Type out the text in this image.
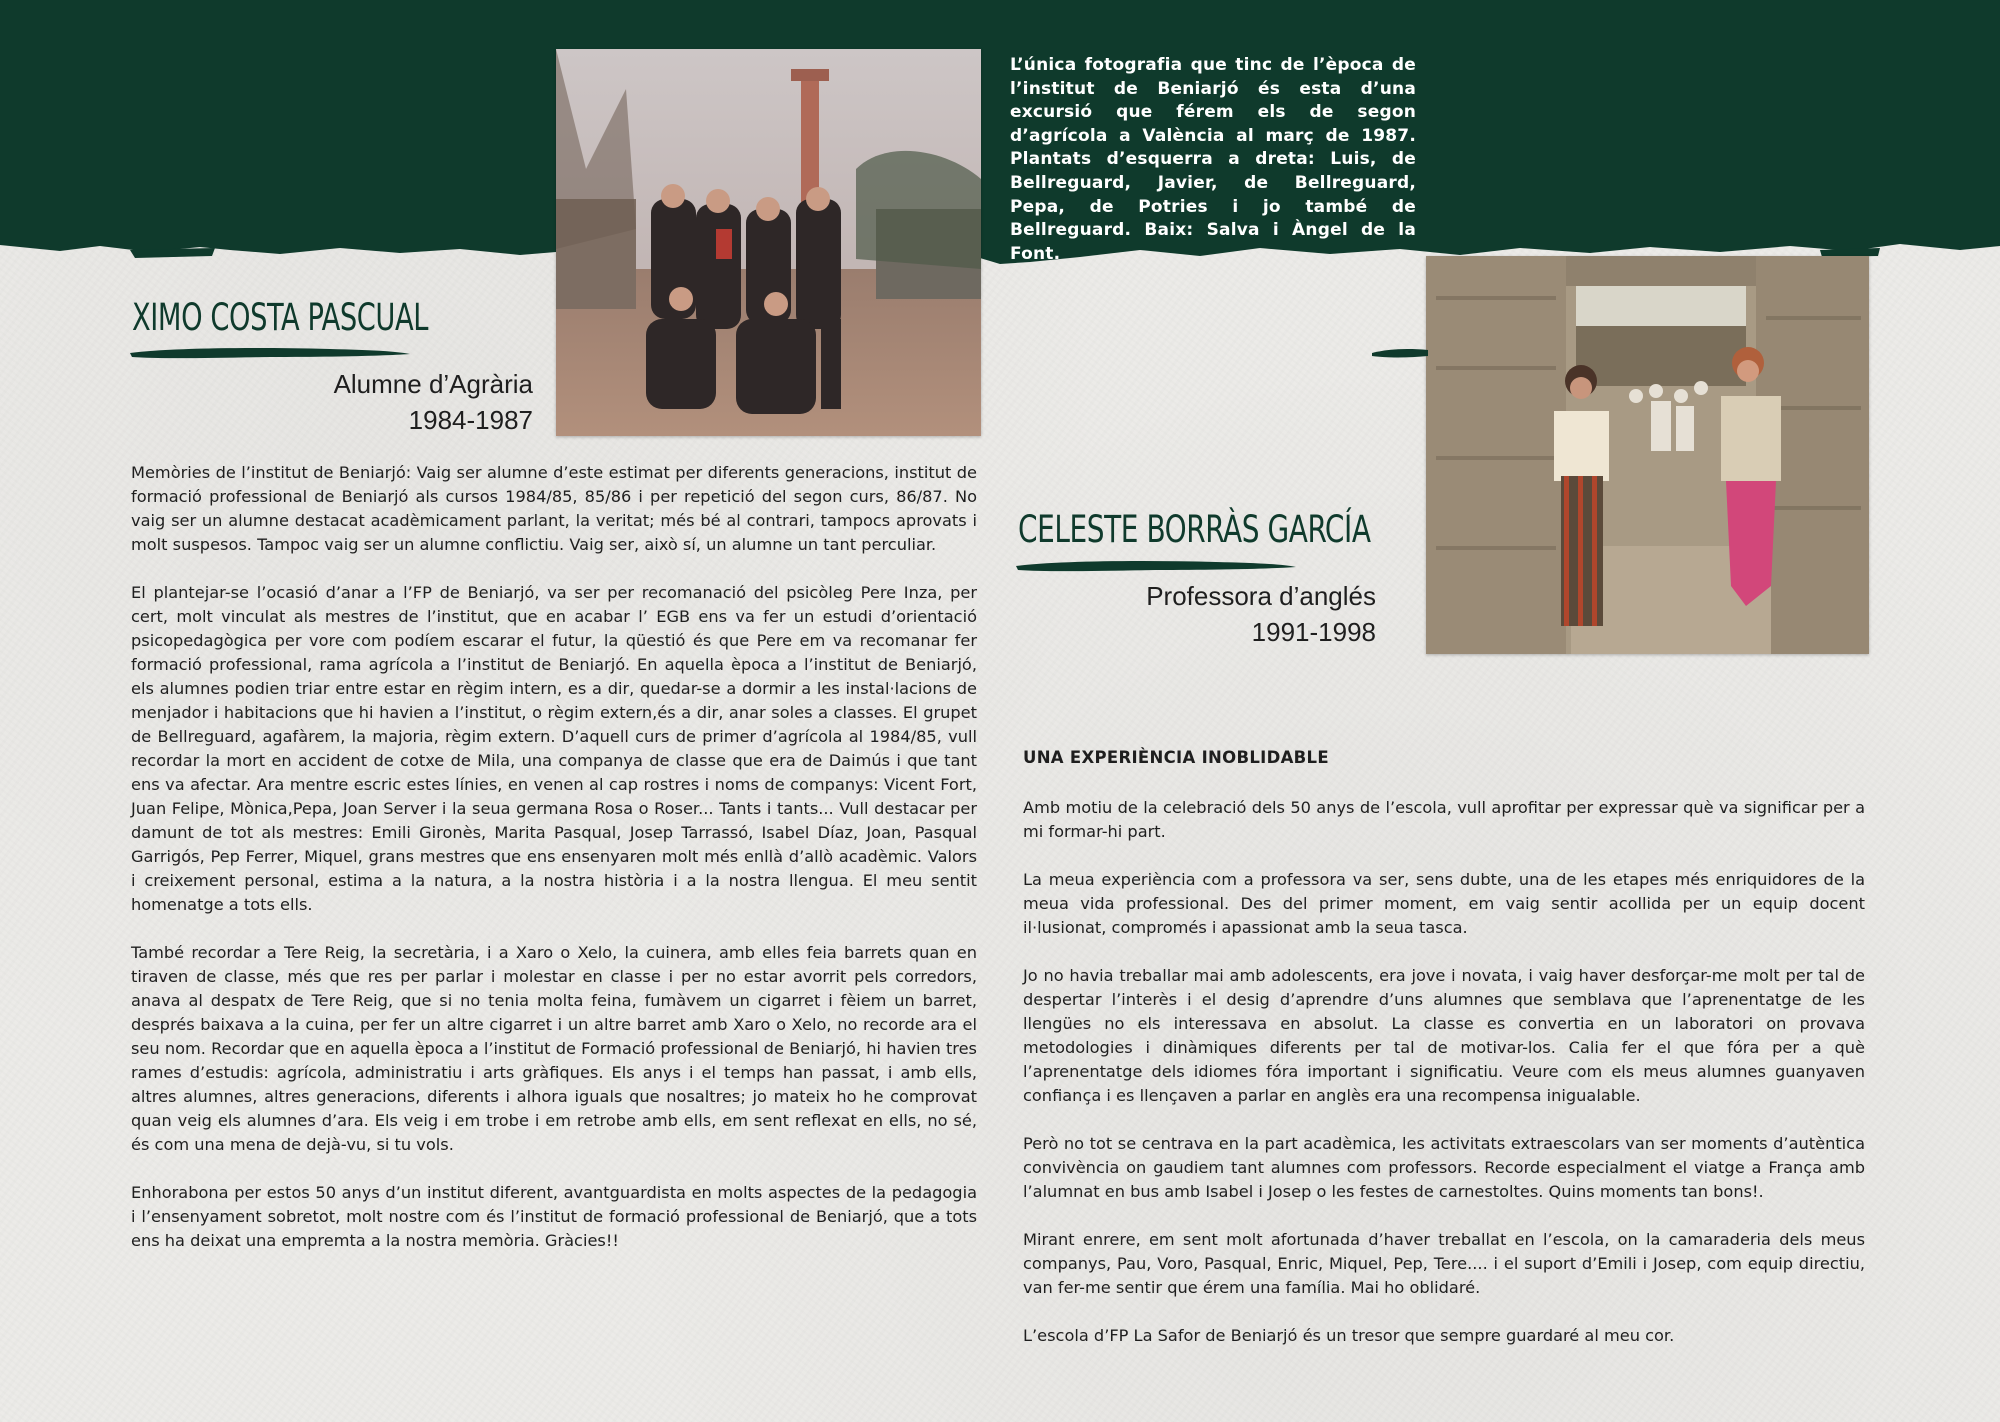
L’única fotografia que tinc de l’època de l’institut de Beniarjó és esta d’una excursió que férem els de segon d’agrícola a València al març de 1987. Plantats d’esquerra a dreta: Luis, de Bellreguard, Javier, de Bellreguard, Pepa, de Potries i jo també de Bellreguard. Baix: Salva i Àngel de la Font.
XIMO COSTA PASCUAL
Alumne d’Agrària
1984-1987

Memòries de l’institut de Beniarjó: Vaig ser alumne d’este estimat per diferents generacions, institut de formació professional de Beniarjó als cursos 1984/85, 85/86 i per repetició del segon curs, 86/87. No vaig ser un alumne destacat acadèmicament parlant, la veritat; més bé al contrari, tampocs aprovats i molt suspesos. Tampoc vaig ser un alumne conflictiu. Vaig ser, això sí, un alumne un tant perculiar.

El plantejar-se l’ocasió d’anar a l’FP de Beniarjó, va ser per recomanació del psicòleg Pere Inza, per cert, molt vinculat als mestres de l’institut, que en acabar l’ EGB ens va fer un estudi d’orientació psicopedagògica per vore com podíem escarar el futur, la qüestió és que Pere em va recomanar fer formació professional, rama agrícola a l’institut de Beniarjó. En aquella època a l’institut de Beniarjó, els alumnes podien triar entre estar en règim intern, es a dir, quedar-se a dormir a les instal·lacions de menjador i habitacions que hi havien a l’institut, o règim extern,és a dir, anar soles a classes. El grupet de Bellreguard, agafàrem, la majoria, règim extern. D’aquell curs de primer d’agrícola al 1984/85, vull recordar la mort en accident de cotxe de Mila, una companya de classe que era de Daimús i que tant ens va afectar. Ara mentre escric estes línies, en venen al cap rostres i noms de companys: Vicent Fort, Juan Felipe, Mònica,Pepa, Joan Server i la seua germana Rosa o Roser... Tants i tants... Vull destacar per damunt de tot als mestres: Emili Gironès, Marita Pasqual, Josep Tarrassó, Isabel Díaz, Joan, Pasqual Garrigós, Pep Ferrer, Miquel, grans mestres que ens ensenyaren molt més enllà d’allò acadèmic. Valors i creixement personal, estima a la natura, a la nostra història i a la nostra llengua. El meu sentit homenatge a tots ells.

També recordar a Tere Reig, la secretària, i a Xaro o Xelo, la cuinera, amb elles feia barrets quan en tiraven de classe, més que res per parlar i molestar en classe i per no estar avorrit pels corredors, anava al despatx de Tere Reig, que si no tenia molta feina, fumàvem un cigarret i fèiem un barret, després baixava a la cuina, per fer un altre cigarret i un altre barret amb Xaro o Xelo, no recorde ara el seu nom. Recordar que en aquella època a l’institut de Formació professional de Beniarjó, hi havien tres rames d’estudis: agrícola, administratiu i arts gràfiques. Els anys i el temps han passat, i amb ells, altres alumnes, altres generacions, diferents i alhora iguals que nosaltres; jo mateix ho he comprovat quan veig els alumnes d’ara. Els veig i em trobe i em retrobe amb ells, em sent reflexat en ells, no sé, és com una mena de dejà-vu, si tu vols.

Enhorabona per estos 50 anys d’un institut diferent, avantguardista en molts aspectes de la pedagogia i l’ensenyament sobretot, molt nostre com és l’institut de formació professional de Beniarjó, que a tots ens ha deixat una empremta a la nostra memòria. Gràcies!!

CELESTE BORRÀS GARCÍA
Professora d’anglés
1991-1998
UNA EXPERIÈNCIA INOBLIDABLE

Amb motiu de la celebració dels 50 anys de l’escola, vull aprofitar per expressar què va significar per a mi formar-hi part.

La meua experiència com a professora va ser, sens dubte, una de les etapes més enriquidores de la meua vida professional. Des del primer moment, em vaig sentir acollida per un equip docent il·lusionat, compromés i apassionat amb la seua tasca.

Jo no havia treballar mai amb adolescents, era jove i novata, i vaig haver desforçar-me molt per tal de despertar l’interès i el desig d’aprendre d’uns alumnes que semblava que l’aprenentatge de les llengües no els interessava en absolut. La classe es convertia en un laboratori on provava metodologies i dinàmiques diferents per tal de motivar-los. Calia fer el que fóra per a què l’aprenentatge dels idiomes fóra important i significatiu. Veure com els meus alumnes guanyaven confiança i es llençaven a parlar en anglès era una recompensa inigualable.

Però no tot se centrava en la part acadèmica, les activitats extraescolars van ser moments d’autèntica convivència on gaudiem tant alumnes com professors. Recorde especialment el viatge a França amb l’alumnat en bus amb Isabel i Josep o les festes de carnestoltes. Quins moments tan bons!.

Mirant enrere, em sent molt afortunada d’haver treballat en l’escola, on la camaraderia dels meus companys, Pau, Voro, Pasqual, Enric, Miquel, Pep, Tere.... i el suport d’Emili i Josep, com equip directiu, van fer-me sentir que érem una família. Mai ho oblidaré.

L’escola d’FP La Safor de Beniarjó és un tresor que sempre guardaré al meu cor.
